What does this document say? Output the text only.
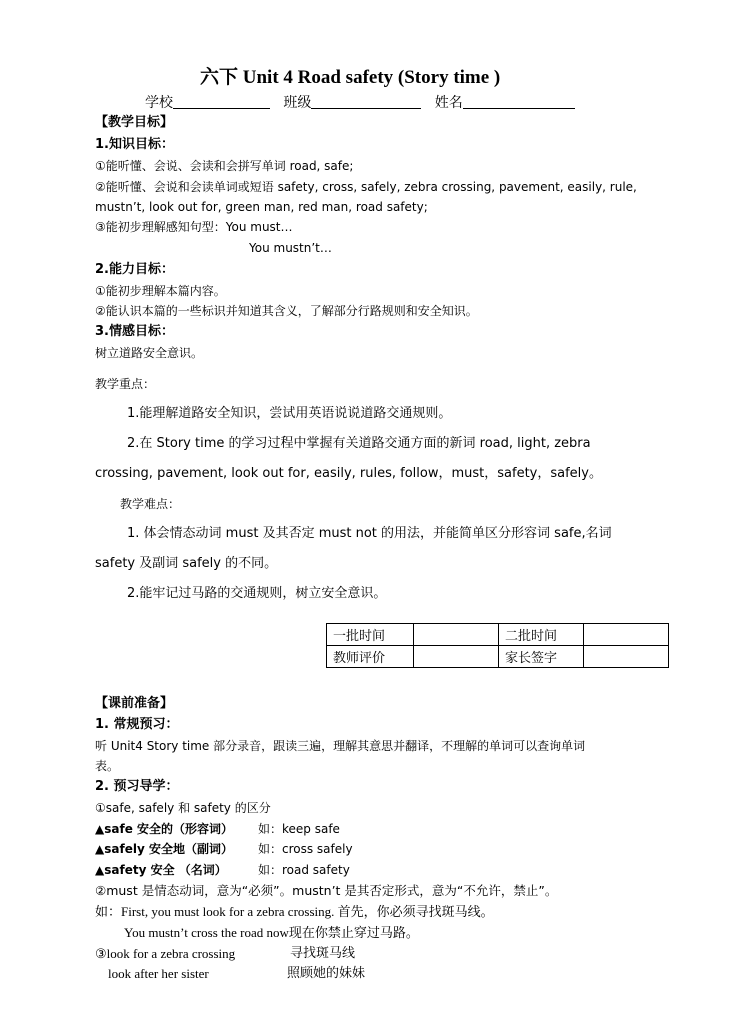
六下 Unit 4 Road safety (Story time )
学校	班级	姓名
【教学目标】
1.知识目标：
①能听懂、会说、会读和会拼写单词 road, safe;
②能听懂、会说和会读单词或短语 safety, cross, safely, zebra crossing, pavement, easily, rule,
mustn’t, look out for, green man, red man, road safety;
③能初步理解感知句型：You must…
You mustn’t…
2.能力目标：
①能初步理解本篇内容。
②能认识本篇的一些标识并知道其含义，了解部分行路规则和安全知识。
3.情感目标：
树立道路安全意识。
教学重点：
1.能理解道路安全知识，尝试用英语说说道路交通规则。
2.在 Story time 的学习过程中掌握有关道路交通方面的新词 road, light, zebra
crossing, pavement, look out for, easily, rules, follow，must，safety，safely。
教学难点：
1. 体会情态动词 must 及其否定 must not 的用法，并能简单区分形容词 safe,名词
safety 及副词 safely 的不同。
2.能牢记过马路的交通规则，树立安全意识。
一批时间		二批时间	
教师评价		家长签字	
【课前准备】
1. 常规预习：
听 Unit4 Story time 部分录音，跟读三遍，理解其意思并翻译，不理解的单词可以查询单词
表。
2. 预习导学：
①safe, safely 和 safety 的区分
▲safe 安全的（形容词） 如：keep safe
▲safely 安全地（副词） 如：cross safely
▲safety 安全 （名词）	如：road safety
②must 是情态动词，意为“必须”。mustn’t 是其否定形式，意为“不允许，禁止”。
如：First, you must look for a zebra crossing. 首先，你必须寻找斑马线。
You mustn’t cross the road now现在你禁止穿过马路。
③look for a zebra crossing	寻找斑马线
look after her sister	照顾她的妹妹
